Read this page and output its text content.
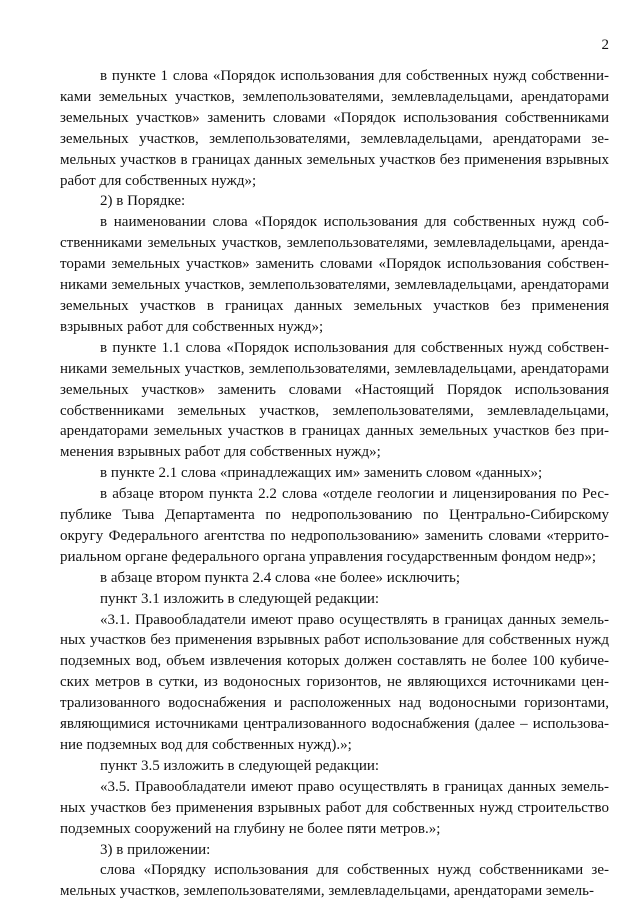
2

в пункте 1 слова «Порядок использования для собственных нужд собственниками земельных участков, землепользователями, землевладельцами, арендаторами земельных участков» заменить словами «Порядок использования собственниками земельных участков, землепользователями, землевладельцами, арендаторами земельных участков в границах данных земельных участков без применения взрывных работ для собственных нужд»;

2) в Порядке:

в наименовании слова «Порядок использования для собственных нужд собственниками земельных участков, землепользователями, землевладельцами, арендаторами земельных участков» заменить словами «Порядок использования собственниками земельных участков, землепользователями, землевладельцами, арендаторами земельных участков в границах данных земельных участков без применения взрывных работ для собственных нужд»;

в пункте 1.1 слова «Порядок использования для собственных нужд собственниками земельных участков, землепользователями, землевладельцами, арендаторами земельных участков» заменить словами «Настоящий Порядок использования собственниками земельных участков, землепользователями, землевладельцами, арендаторами земельных участков в границах данных земельных участков без применения взрывных работ для собственных нужд»;

в пункте 2.1 слова «принадлежащих им» заменить словом «данных»;

в абзаце втором пункта 2.2 слова «отделе геологии и лицензирования по Республике Тыва Департамента по недропользованию по Центрально-Сибирскому округу Федерального агентства по недропользованию» заменить словами «территориальном органе федерального органа управления государственным фондом недр»;

в абзаце втором пункта 2.4 слова «не более» исключить;

пункт 3.1 изложить в следующей редакции:

«3.1. Правообладатели имеют право осуществлять в границах данных земельных участков без применения взрывных работ использование для собственных нужд подземных вод, объем извлечения которых должен составлять не более 100 кубических метров в сутки, из водоносных горизонтов, не являющихся источниками централизованного водоснабжения и расположенных над водоносными горизонтами, являющимися источниками централизованного водоснабжения (далее – использование подземных вод для собственных нужд).»;

пункт 3.5 изложить в следующей редакции:

«3.5. Правообладатели имеют право осуществлять в границах данных земельных участков без применения взрывных работ для собственных нужд строительство подземных сооружений на глубину не более пяти метров.»;

3) в приложении:

слова «Порядку использования для собственных нужд собственниками земельных участков, землепользователями, землевладельцами, арендаторами земель-
